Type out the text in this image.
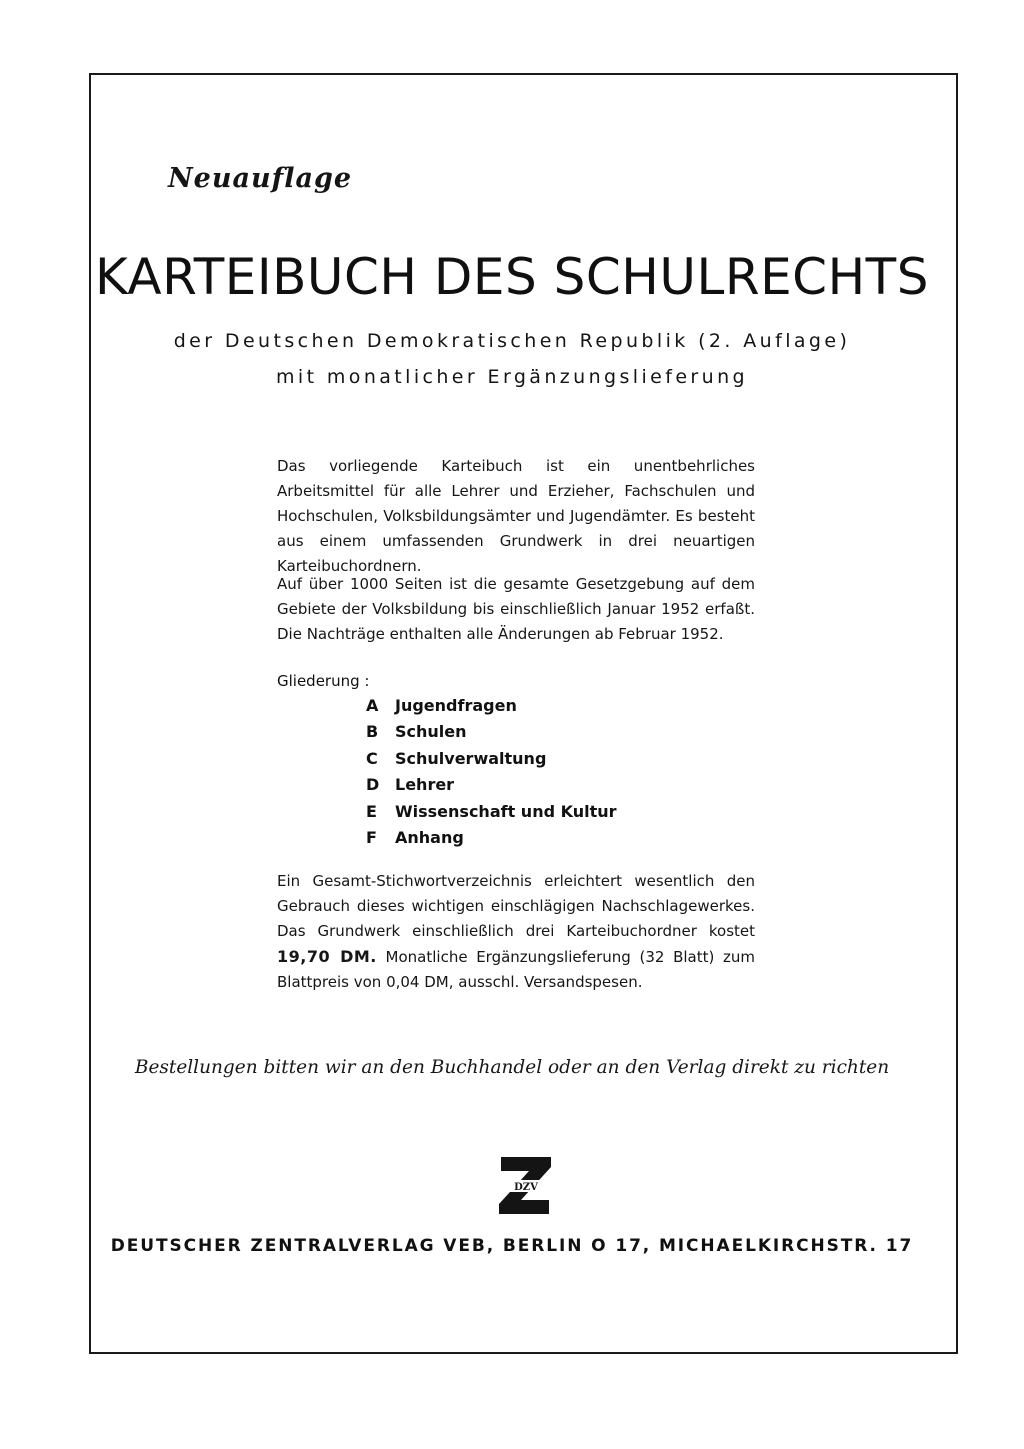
Neuauflage

KARTEIBUCH DES SCHULRECHTS

der Deutschen Demokratischen Republik (2. Auflage)

mit monatlicher Ergänzungslieferung

Das vorliegende Karteibuch ist ein unentbehrliches Arbeitsmittel für alle Lehrer und Erzieher, Fachschulen und Hochschulen, Volksbildungsämter und Jugendämter. Es besteht aus einem umfassenden Grundwerk in drei neuartigen Karteibuchordnern.

Auf über 1000 Seiten ist die gesamte Gesetzgebung auf dem Gebiete der Volksbildung bis einschließlich Januar 1952 erfaßt. Die Nachträge enthalten alle Änderungen ab Februar 1952.

Gliederung :

A Jugendfragen
B Schulen
C Schulverwaltung
D Lehrer
E Wissenschaft und Kultur
F Anhang

Ein Gesamt-Stichwortverzeichnis erleichtert wesentlich den Gebrauch dieses wichtigen einschlägigen Nachschlagewerkes. Das Grundwerk einschließlich drei Karteibuchordner kostet 19,70 DM. Monatliche Ergänzungslieferung (32 Blatt) zum Blattpreis von 0,04 DM, ausschl. Versandspesen.

Bestellungen bitten wir an den Buchhandel oder an den Verlag direkt zu richten

DZV

DEUTSCHER ZENTRALVERLAG VEB, BERLIN O 17, MICHAELKIRCHSTR. 17
